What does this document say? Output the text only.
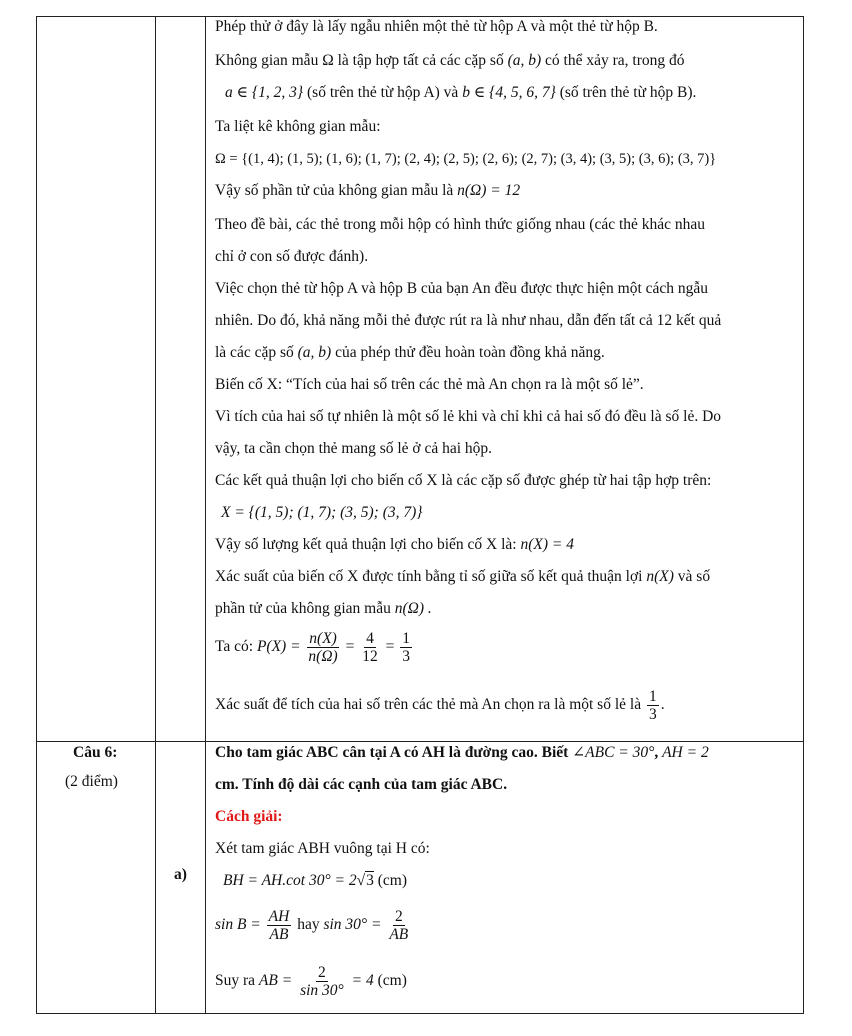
Câu 6:
(2 điểm)
a)
Phép thử ở đây là lấy ngẫu nhiên một thẻ từ hộp A và một thẻ từ hộp B.
Không gian mẫu Ω là tập hợp tất cả các cặp số (a, b) có thể xảy ra, trong đó
a ∈ {1, 2, 3} (số trên thẻ từ hộp A) và b ∈ {4, 5, 6, 7} (số trên thẻ từ hộp B).
Ta liệt kê không gian mẫu:
Ω = {(1, 4); (1, 5); (1, 6); (1, 7); (2, 4); (2, 5); (2, 6); (2, 7); (3, 4); (3, 5); (3, 6); (3, 7)}
Vậy số phần tử của không gian mẫu là n(Ω) = 12
Theo đề bài, các thẻ trong mỗi hộp có hình thức giống nhau (các thẻ khác nhau
chỉ ở con số được đánh).
Việc chọn thẻ từ hộp A và hộp B của bạn An đều được thực hiện một cách ngẫu
nhiên. Do đó, khả năng mỗi thẻ được rút ra là như nhau, dẫn đến tất cả 12 kết quả
là các cặp số (a, b) của phép thử đều hoàn toàn đồng khả năng.
Biến cố X: “Tích của hai số trên các thẻ mà An chọn ra là một số lẻ”.
Vì tích của hai số tự nhiên là một số lẻ khi và chỉ khi cả hai số đó đều là số lẻ. Do
vậy, ta cần chọn thẻ mang số lẻ ở cả hai hộp.
Các kết quả thuận lợi cho biến cố X là các cặp số được ghép từ hai tập hợp trên:
X = {(1, 5); (1, 7); (3, 5); (3, 7)}
Vậy số lượng kết quả thuận lợi cho biến cố X là: n(X) = 4
Xác suất của biến cố X được tính bằng tỉ số giữa số kết quả thuận lợi n(X) và số
phần tử của không gian mẫu n(Ω) .
Ta có: $P(X) = \frac{n(X)}{n(\Omega)} = \frac{4}{12} = \frac{1}{3}$
Xác suất để tích của hai số trên các thẻ mà An chọn ra là một số lẻ là $\frac{1}{3}$ .
Cho tam giác ABC cân tại A có AH là đường cao. Biết ∠ABC = 30°, AH = 2
cm. Tính độ dài các cạnh của tam giác ABC.
Cách giải:
Xét tam giác ABH vuông tại H có:
BH = AH.cot 30° = 2√3 (cm)
$\sin B = \frac{AH}{AB}$ hay $\sin 30^\circ = \frac{2}{AB}$
Suy ra AB = $\frac{2}{\sin 30^\circ} = 4$ (cm)
